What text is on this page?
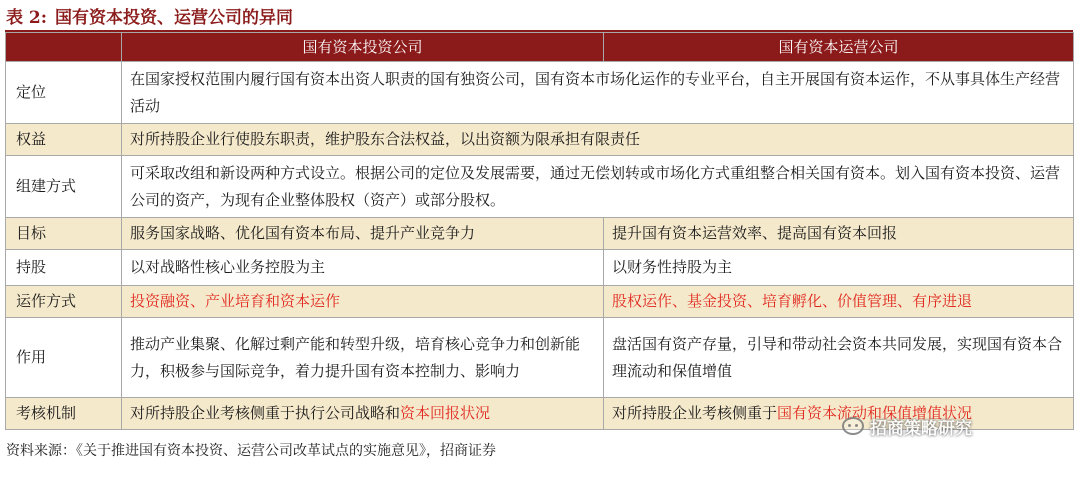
表 2: 国有资本投资、运营公司的异同
	国有资本投资公司	国有资本运营公司
定位	在国家授权范围内履行国有资本出资人职责的国有独资公司，国有资本市场化运作的专业平台，自主开展国有资本运作，不从事具体生产经营活动	
权益	对所持股企业行使股东职责，维护股东合法权益，以出资额为限承担有限责任	
组建方式	可采取改组和新设两种方式设立。根据公司的定位及发展需要，通过无偿划转或市场化方式重组整合相关国有资本。划入国有资本投资、运营公司的资产，为现有企业整体股权（资产）或部分股权。	
目标	服务国家战略、优化国有资本布局、提升产业竞争力	提升国有资本运营效率、提高国有资本回报
持股	以对战略性核心业务控股为主	以财务性持股为主
运作方式	投资融资、产业培育和资本运作	股权运作、基金投资、培育孵化、价值管理、有序进退
作用	推动产业集聚、化解过剩产能和转型升级，培育核心竞争力和创新能力，积极参与国际竞争，着力提升国有资本控制力、影响力	盘活国有资产存量，引导和带动社会资本共同发展，实现国有资本合理流动和保值增值
考核机制	对所持股企业考核侧重于执行公司战略和资本回报状况	对所持股企业考核侧重于国有资本流动和保值增值状况
资料来源：《关于推进国有资本投资、运营公司改革试点的实施意见》，招商证券
招商策略研究
